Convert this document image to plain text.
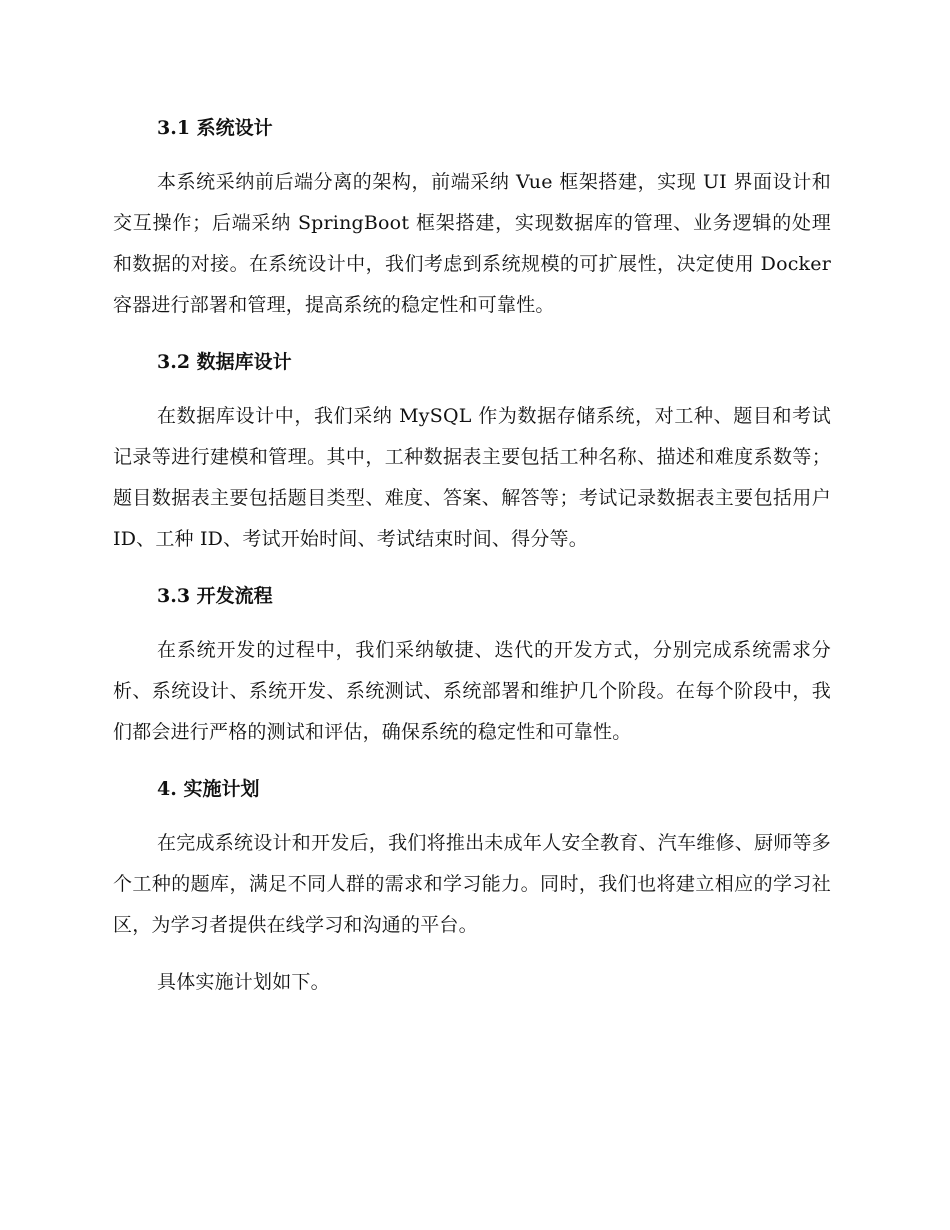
3.1 系统设计

本系统采纳前后端分离的架构，前端采纳 Vue 框架搭建，实现 UI 界面设计和交互操作；后端采纳 SpringBoot 框架搭建，实现数据库的管理、业务逻辑的处理和数据的对接。在系统设计中，我们考虑到系统规模的可扩展性，决定使用 Docker 容器进行部署和管理，提高系统的稳定性和可靠性。

3.2 数据库设计

在数据库设计中，我们采纳 MySQL 作为数据存储系统，对工种、题目和考试记录等进行建模和管理。其中，工种数据表主要包括工种名称、描述和难度系数等；题目数据表主要包括题目类型、难度、答案、解答等；考试记录数据表主要包括用户 ID、工种 ID、考试开始时间、考试结束时间、得分等。

3.3 开发流程

在系统开发的过程中，我们采纳敏捷、迭代的开发方式，分别完成系统需求分析、系统设计、系统开发、系统测试、系统部署和维护几个阶段。在每个阶段中，我们都会进行严格的测试和评估，确保系统的稳定性和可靠性。

4. 实施计划

在完成系统设计和开发后，我们将推出未成年人安全教育、汽车维修、厨师等多个工种的题库，满足不同人群的需求和学习能力。同时，我们也将建立相应的学习社区，为学习者提供在线学习和沟通的平台。

具体实施计划如下。
